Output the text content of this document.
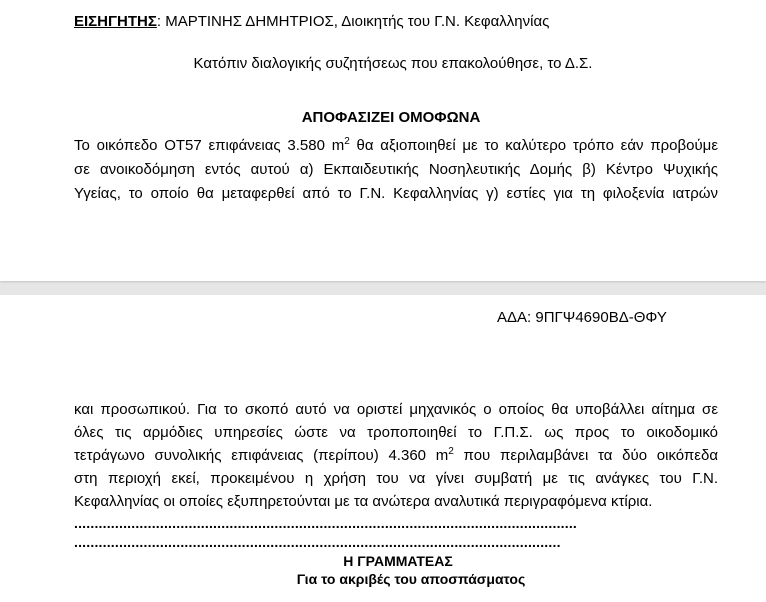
ΕΙΣΗΓΗΤΗΣ: ΜΑΡΤΙΝΗΣ ΔΗΜΗΤΡΙΟΣ, Διοικητής του Γ.Ν. Κεφαλληνίας
Κατόπιν διαλογικής συζητήσεως που επακολούθησε, το Δ.Σ.
ΑΠΟΦΑΣΙΖΕΙ ΟΜΟΦΩΝΑ
Το οικόπεδο ΟΤ57 επιφάνειας 3.580 $m^2$ θα αξιοποιηθεί με το καλύτερο τρόπο εάν προβούμε
σε ανοικοδόμηση εντός αυτού α) Εκπαιδευτικής Νοσηλευτικής Δομής β) Κέντρο Ψυχικής
Υγείας, το οποίο θα μεταφερθεί από το Γ.Ν. Κεφαλληνίας γ) εστίες για τη φιλοξενία ιατρών
ΑΔΑ: 9ΠΓΨ4690ΒΔ-ΘΦΥ
και προσωπικού. Για το σκοπό αυτό να οριστεί μηχανικός ο οποίος θα υποβάλλει αίτημα σε
όλες τις αρμόδιες υπηρεσίες ώστε να τροποποιηθεί το Γ.Π.Σ. ως προς το οικοδομικό
τετράγωνο συνολικής επιφάνειας (περίπου) 4.360 $m^2$ που περιλαμβάνει τα δύο οικόπεδα
στη περιοχή εκεί, προκειμένου η χρήση του να γίνει συμβατή με τις ανάγκες του Γ.Ν.
Κεφαλληνίας οι οποίες εξυπηρετούνται με τα ανώτερα αναλυτικά περιγραφόμενα κτίρια.
...........................................................................................................................
.......................................................................................................................
Η ΓΡΑΜΜΑΤΕΑΣ
Για το ακριβές του αποσπάσματος
